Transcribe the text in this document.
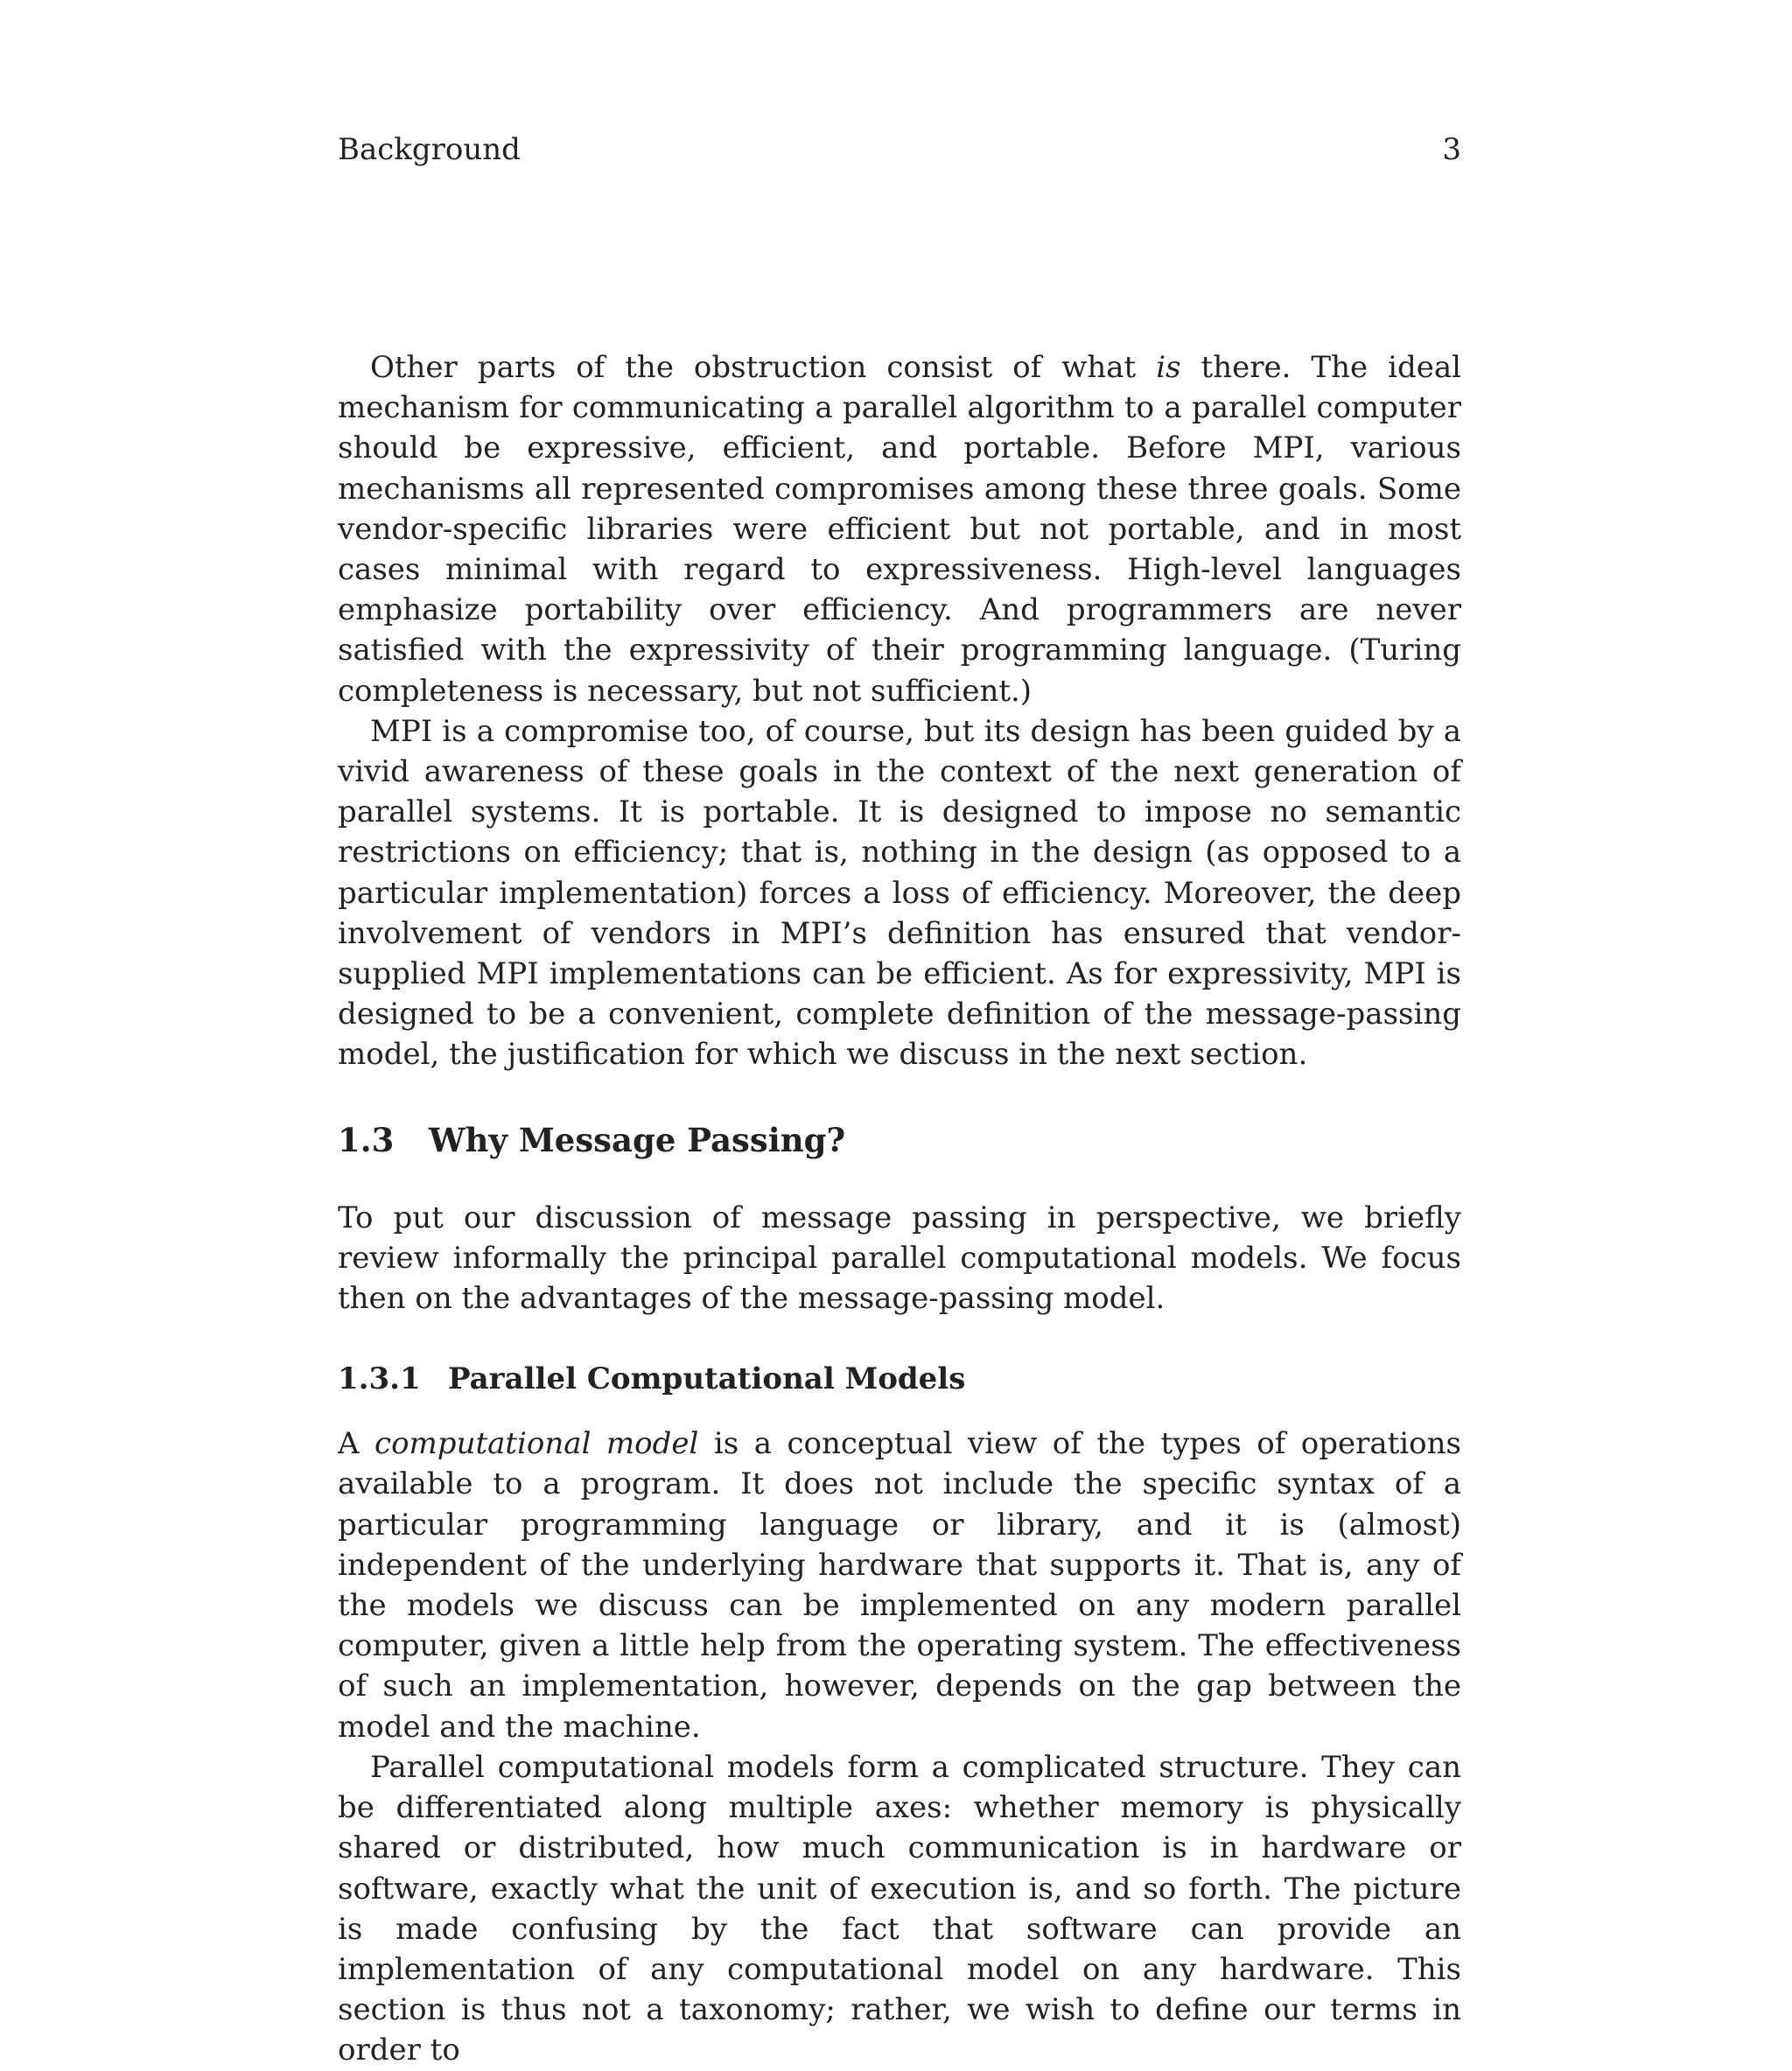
Background	3

Other parts of the obstruction consist of what is there. The ideal mechanism for communicating a parallel algorithm to a parallel computer should be expressive, efficient, and portable. Before MPI, various mechanisms all represented compromises among these three goals. Some vendor-specific libraries were efficient but not portable, and in most cases minimal with regard to expressiveness. High-level languages emphasize portability over efficiency. And programmers are never satisfied with the expressivity of their programming language. (Turing completeness is necessary, but not sufficient.)

MPI is a compromise too, of course, but its design has been guided by a vivid awareness of these goals in the context of the next generation of parallel systems. It is portable. It is designed to impose no semantic restrictions on efficiency; that is, nothing in the design (as opposed to a particular implementation) forces a loss of efficiency. Moreover, the deep involvement of vendors in MPI’s definition has ensured that vendor-supplied MPI implementations can be efficient. As for expressivity, MPI is designed to be a convenient, complete definition of the message-passing model, the justification for which we discuss in the next section.

1.3 Why Message Passing?

To put our discussion of message passing in perspective, we briefly review informally the principal parallel computational models. We focus then on the advantages of the message-passing model.

1.3.1 Parallel Computational Models

A computational model is a conceptual view of the types of operations available to a program. It does not include the specific syntax of a particular programming language or library, and it is (almost) independent of the underlying hardware that supports it. That is, any of the models we discuss can be implemented on any modern parallel computer, given a little help from the operating system. The effectiveness of such an implementation, however, depends on the gap between the model and the machine.

Parallel computational models form a complicated structure. They can be differentiated along multiple axes: whether memory is physically shared or distributed, how much communication is in hardware or software, exactly what the unit of execution is, and so forth. The picture is made confusing by the fact that software can provide an implementation of any computational model on any hardware. This section is thus not a taxonomy; rather, we wish to define our terms in order to
